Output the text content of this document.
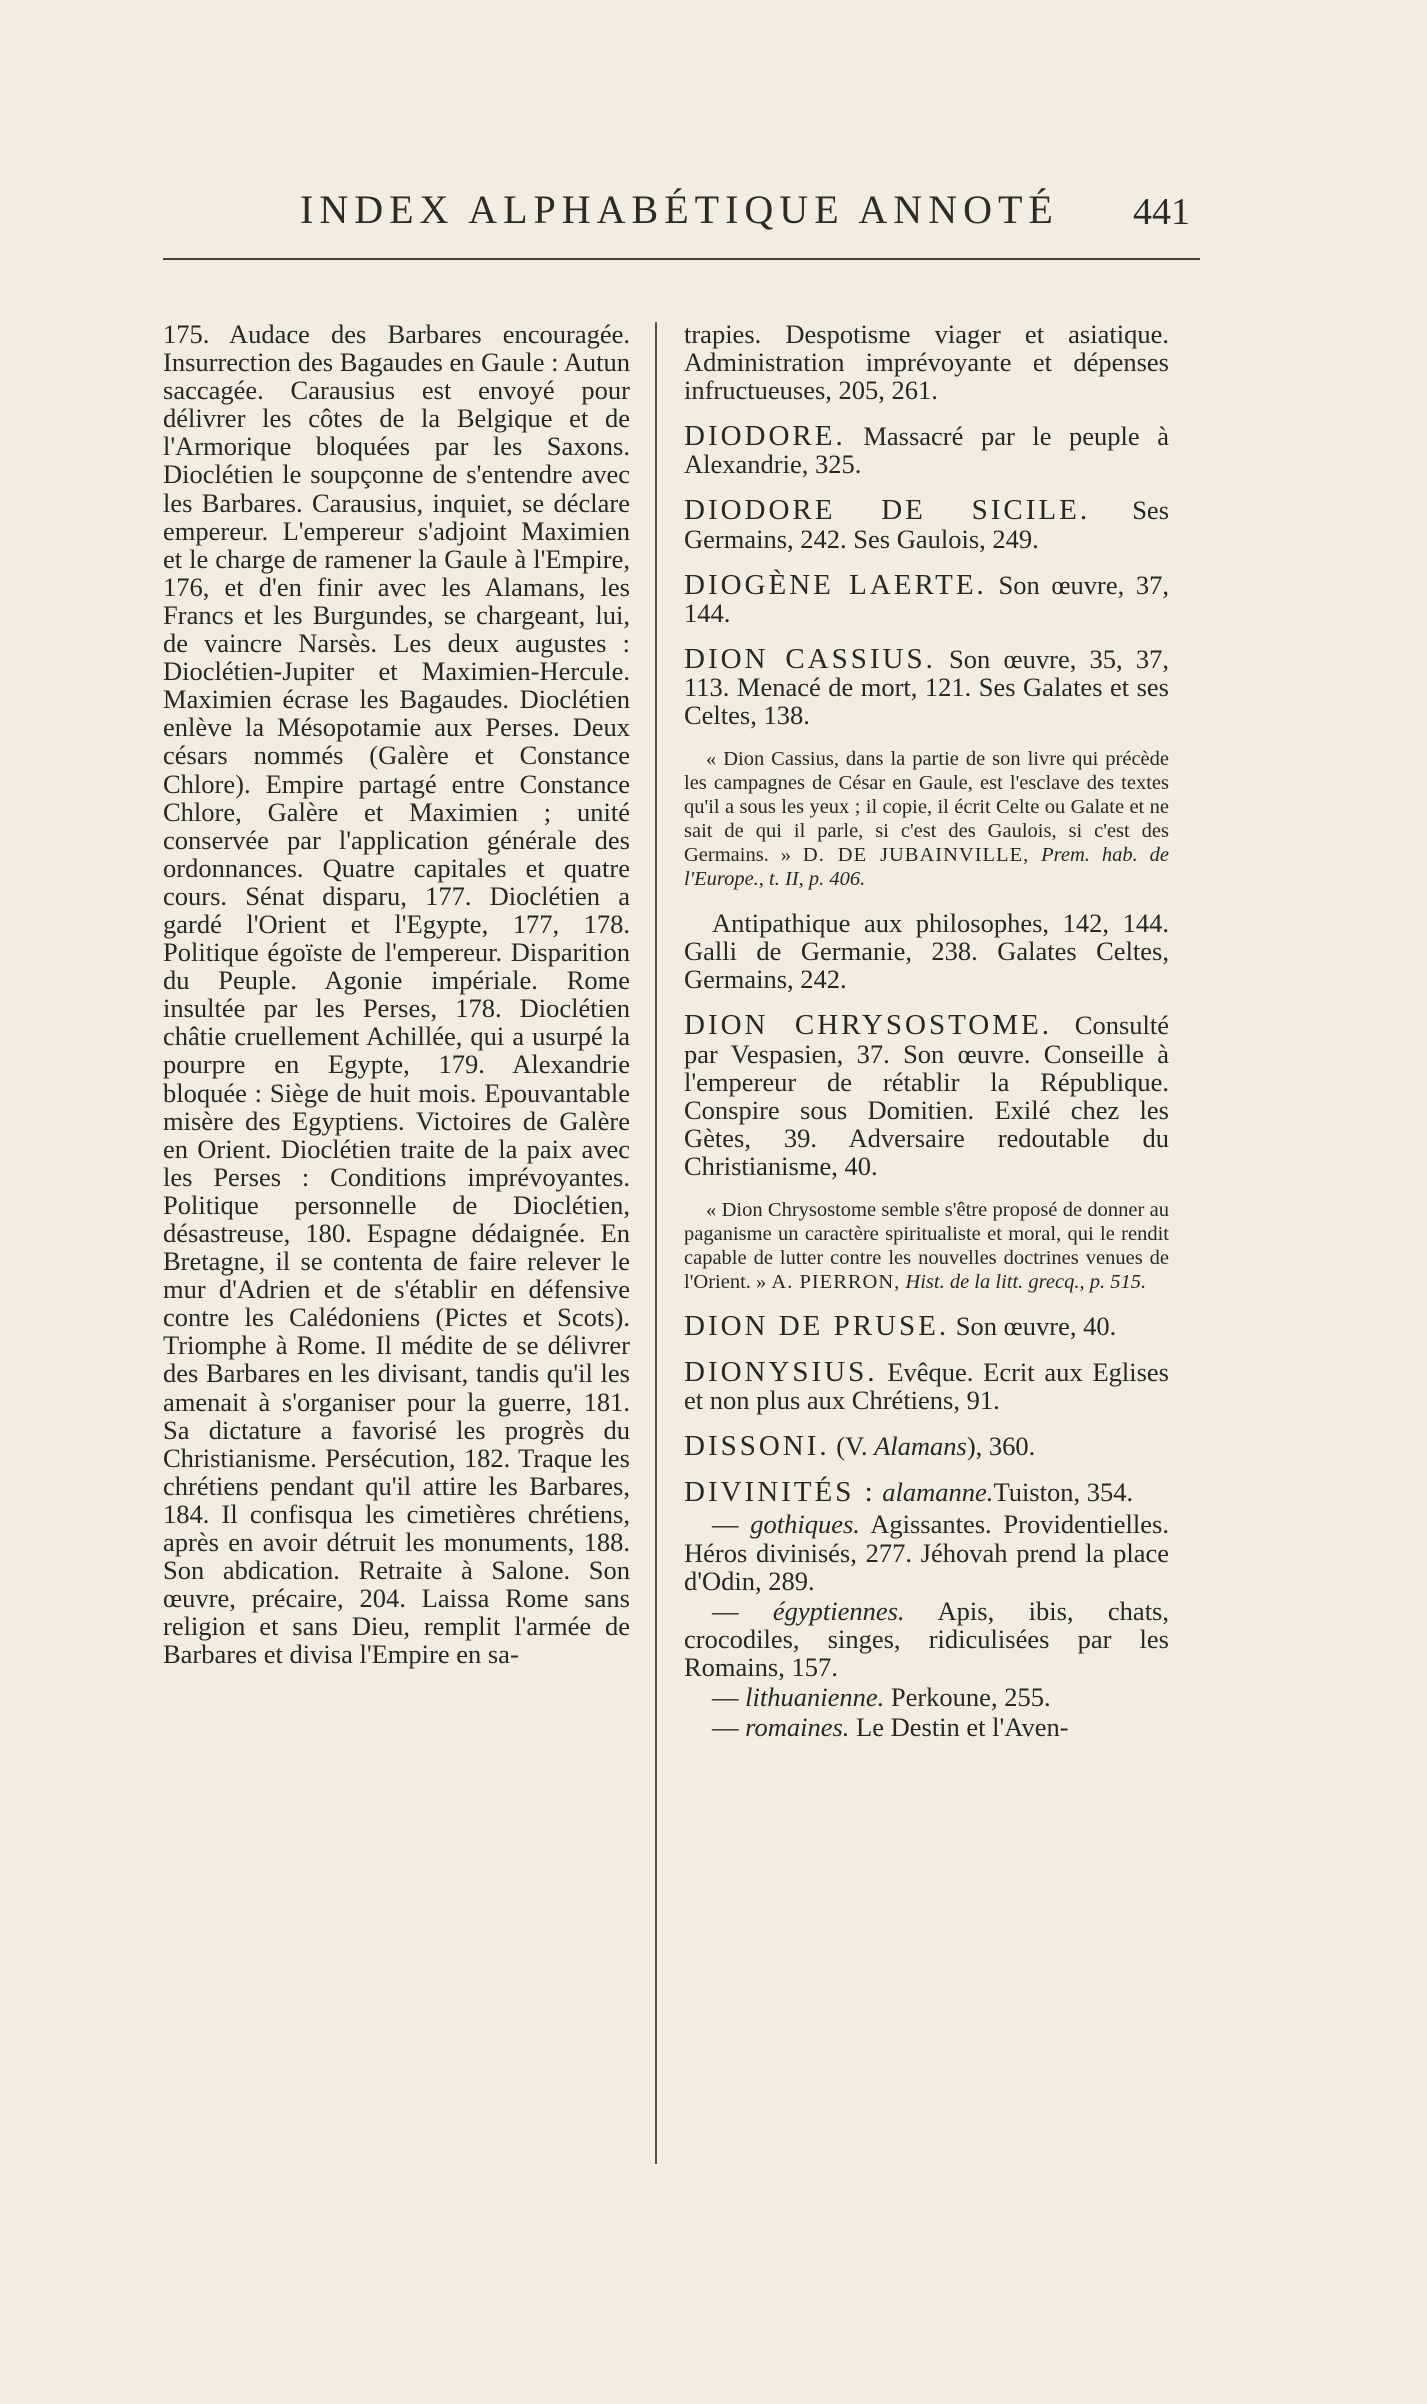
INDEX ALPHABÉTIQUE ANNOTÉ 441

175. Audace des Barbares encouragée. Insurrection des Bagaudes en Gaule : Autun saccagée. Carausius est envoyé pour délivrer les côtes de la Belgique et de l'Armorique bloquées par les Saxons. Dioclétien le soupçonne de s'entendre avec les Barbares. Carausius, inquiet, se déclare empereur. L'empereur s'adjoint Maximien et le charge de ramener la Gaule à l'Empire, 176, et d'en finir avec les Alamans, les Francs et les Burgundes, se chargeant, lui, de vaincre Narsès. Les deux augustes : Dioclétien-Jupiter et Maximien-Hercule. Maximien écrase les Bagaudes. Dioclétien enlève la Mésopotamie aux Perses. Deux césars nommés (Galère et Constance Chlore). Empire partagé entre Constance Chlore, Galère et Maximien ; unité conservée par l'application générale des ordonnances. Quatre capitales et quatre cours. Sénat disparu, 177. Dioclétien a gardé l'Orient et l'Egypte, 177, 178. Politique égoïste de l'empereur. Disparition du Peuple. Agonie impériale. Rome insultée par les Perses, 178. Dioclétien châtie cruellement Achillée, qui a usurpé la pourpre en Egypte, 179. Alexandrie bloquée : Siège de huit mois. Epouvantable misère des Egyptiens. Victoires de Galère en Orient. Dioclétien traite de la paix avec les Perses : Conditions imprévoyantes. Politique personnelle de Dioclétien, désastreuse, 180. Espagne dédaignée. En Bretagne, il se contenta de faire relever le mur d'Adrien et de s'établir en défensive contre les Calédoniens (Pictes et Scots). Triomphe à Rome. Il médite de se délivrer des Barbares en les divisant, tandis qu'il les amenait à s'organiser pour la guerre, 181. Sa dictature a favorisé les progrès du Christianisme. Persécution, 182. Traque les chrétiens pendant qu'il attire les Barbares, 184. Il confisqua les cimetières chrétiens, après en avoir détruit les monuments, 188. Son abdication. Retraite à Salone. Son œuvre, précaire, 204. Laissa Rome sans religion et sans Dieu, remplit l'armée de Barbares et divisa l'Empire en sa-

trapies. Despotisme viager et asiatique. Administration imprévoyante et dépenses infructueuses, 205, 261.

DIODORE. Massacré par le peuple à Alexandrie, 325.

DIODORE DE SICILE. Ses Germains, 242. Ses Gaulois, 249.

DIOGÈNE LAERTE. Son œuvre, 37, 144.

DION CASSIUS. Son œuvre, 35, 37, 113. Menacé de mort, 121. Ses Galates et ses Celtes, 138.

« Dion Cassius, dans la partie de son livre qui précède les campagnes de César en Gaule, est l'esclave des textes qu'il a sous les yeux ; il copie, il écrit Celte ou Galate et ne sait de qui il parle, si c'est des Gaulois, si c'est des Germains. » D. DE JUBAINVILLE, Prem. hab. de l'Europe., t. II, p. 406.

Antipathique aux philosophes, 142, 144. Galli de Germanie, 238. Galates Celtes, Germains, 242.

DION CHRYSOSTOME. Consulté par Vespasien, 37. Son œuvre. Conseille à l'empereur de rétablir la République. Conspire sous Domitien. Exilé chez les Gètes, 39. Adversaire redoutable du Christianisme, 40.

« Dion Chrysostome semble s'être proposé de donner au paganisme un caractère spiritualiste et moral, qui le rendit capable de lutter contre les nouvelles doctrines venues de l'Orient. » A. PIERRON, Hist. de la litt. grecq., p. 515.

DION DE PRUSE. Son œuvre, 40.

DIONYSIUS. Evêque. Ecrit aux Eglises et non plus aux Chrétiens, 91.

DISSONI. (V. Alamans), 360.

DIVINITÉS : alamanne.Tuiston, 354.

— gothiques. Agissantes. Providentielles. Héros divinisés, 277. Jéhovah prend la place d'Odin, 289.

— égyptiennes. Apis, ibis, chats, crocodiles, singes, ridiculisées par les Romains, 157.

— lithuanienne. Perkoune, 255.

— romaines. Le Destin et l'Aven-
